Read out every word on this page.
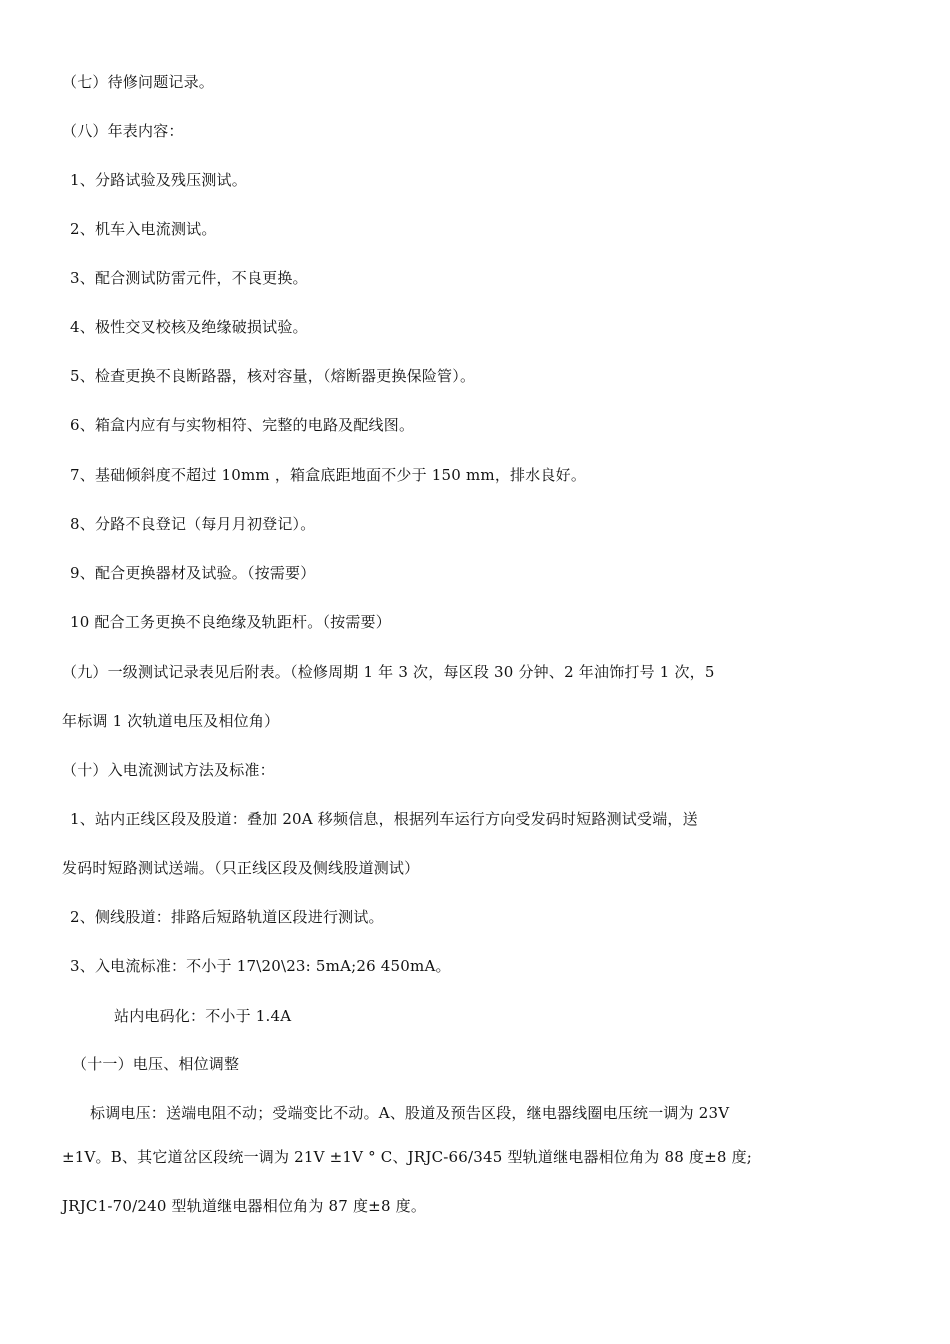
（七）待修问题记录。
（八）年表内容：
1、分路试验及残压测试。
2、机车入电流测试。
3、配合测试防雷元件，不良更换。
4、极性交叉校核及绝缘破损试验。
5、检查更换不良断路器，核对容量，（熔断器更换保险管）。
6、箱盒内应有与实物相符、完整的电路及配线图。
7、基础倾斜度不超过 10mm ，箱盒底距地面不少于 150 mm，排水良好。
8、分路不良登记（每月月初登记）。
9、配合更换器材及试验。（按需要）
10 配合工务更换不良绝缘及轨距杆。（按需要）
（九）一级测试记录表见后附表。（检修周期 1 年 3 次，每区段 30 分钟、2 年油饰打号 1 次，5
年标调 1 次轨道电压及相位角）
（十）入电流测试方法及标准：
1、站内正线区段及股道：叠加 20A 移频信息，根据列车运行方向受发码时短路测试受端，送
发码时短路测试送端。（只正线区段及侧线股道测试）
2、侧线股道：排路后短路轨道区段进行测试。
3、入电流标准：不小于 17\20\23: 5mA;26 450mA。
站内电码化：不小于 1.4A
（十一）电压、相位调整
标调电压：送端电阻不动；受端变比不动。A、股道及预告区段，继电器线圈电压统一调为 23V
±1V。B、其它道岔区段统一调为 21V ±1V ° C、JRJC-66/345 型轨道继电器相位角为 88 度±8 度;
JRJC1-70/240 型轨道继电器相位角为 87 度±8 度。
